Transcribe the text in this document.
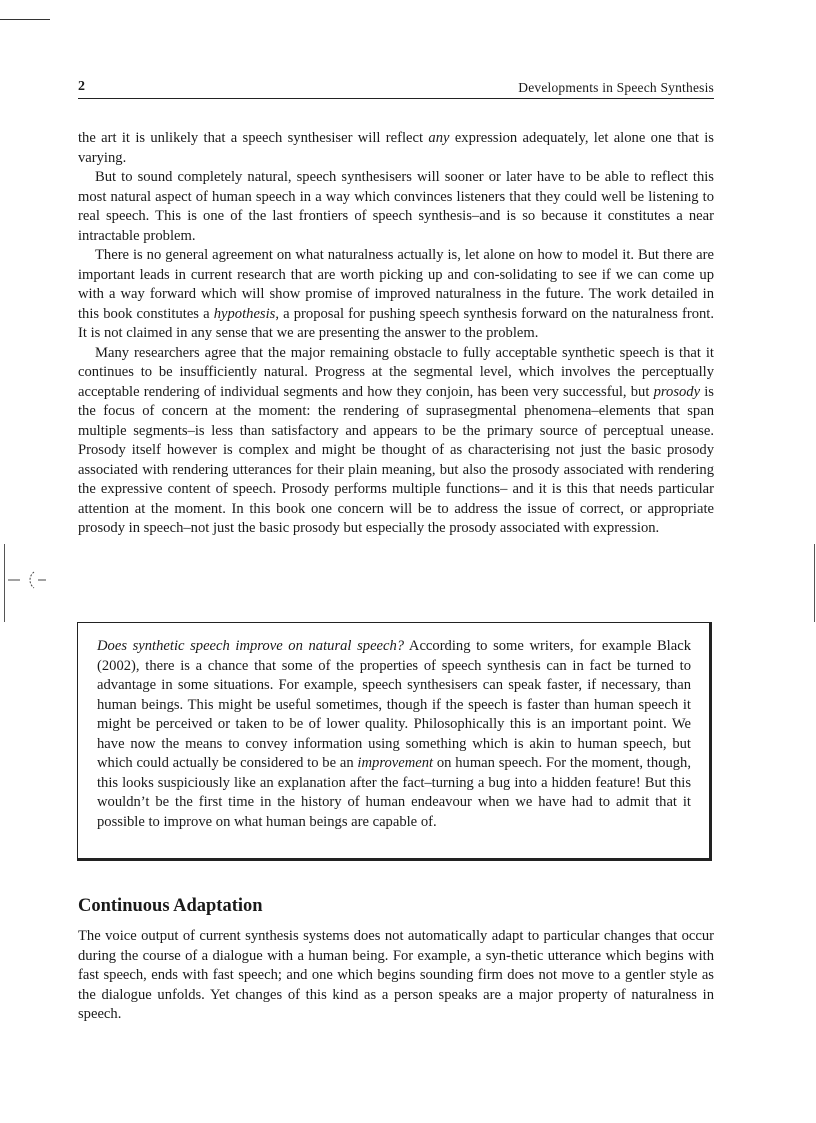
2	Developments in Speech Synthesis

the art it is unlikely that a speech synthesiser will reflect any expression adequately, let alone one that is varying.

But to sound completely natural, speech synthesisers will sooner or later have to be able to reflect this most natural aspect of human speech in a way which convinces listeners that they could well be listening to real speech. This is one of the last frontiers of speech synthesis–and is so because it constitutes a near intractable problem.

There is no general agreement on what naturalness actually is, let alone on how to model it. But there are important leads in current research that are worth picking up and con-solidating to see if we can come up with a way forward which will show promise of improved naturalness in the future. The work detailed in this book constitutes a hypothesis, a proposal for pushing speech synthesis forward on the naturalness front. It is not claimed in any sense that we are presenting the answer to the problem.

Many researchers agree that the major remaining obstacle to fully acceptable synthetic speech is that it continues to be insufficiently natural. Progress at the segmental level, which involves the perceptually acceptable rendering of individual segments and how they conjoin, has been very successful, but prosody is the focus of concern at the moment: the rendering of suprasegmental phenomena–elements that span multiple segments–is less than satisfactory and appears to be the primary source of perceptual unease. Prosody itself however is complex and might be thought of as characterising not just the basic prosody associated with rendering utterances for their plain meaning, but also the prosody associated with rendering the expressive content of speech. Prosody performs multiple functions– and it is this that needs particular attention at the moment. In this book one concern will be to address the issue of correct, or appropriate prosody in speech–not just the basic prosody but especially the prosody associated with expression.

Does synthetic speech improve on natural speech? According to some writers, for example Black (2002), there is a chance that some of the properties of speech synthesis can in fact be turned to advantage in some situations. For example, speech synthesisers can speak faster, if necessary, than human beings. This might be useful sometimes, though if the speech is faster than human speech it might be perceived or taken to be of lower quality. Philosophically this is an important point. We have now the means to convey information using something which is akin to human speech, but which could actually be considered to be an improvement on human speech. For the moment, though, this looks suspiciously like an explanation after the fact–turning a bug into a hidden feature! But this wouldn’t be the first time in the history of human endeavour when we have had to admit that it possible to improve on what human beings are capable of.
Continuous Adaptation

The voice output of current synthesis systems does not automatically adapt to particular changes that occur during the course of a dialogue with a human being. For example, a syn-thetic utterance which begins with fast speech, ends with fast speech; and one which begins sounding firm does not move to a gentler style as the dialogue unfolds. Yet changes of this kind as a person speaks are a major property of naturalness in speech.
